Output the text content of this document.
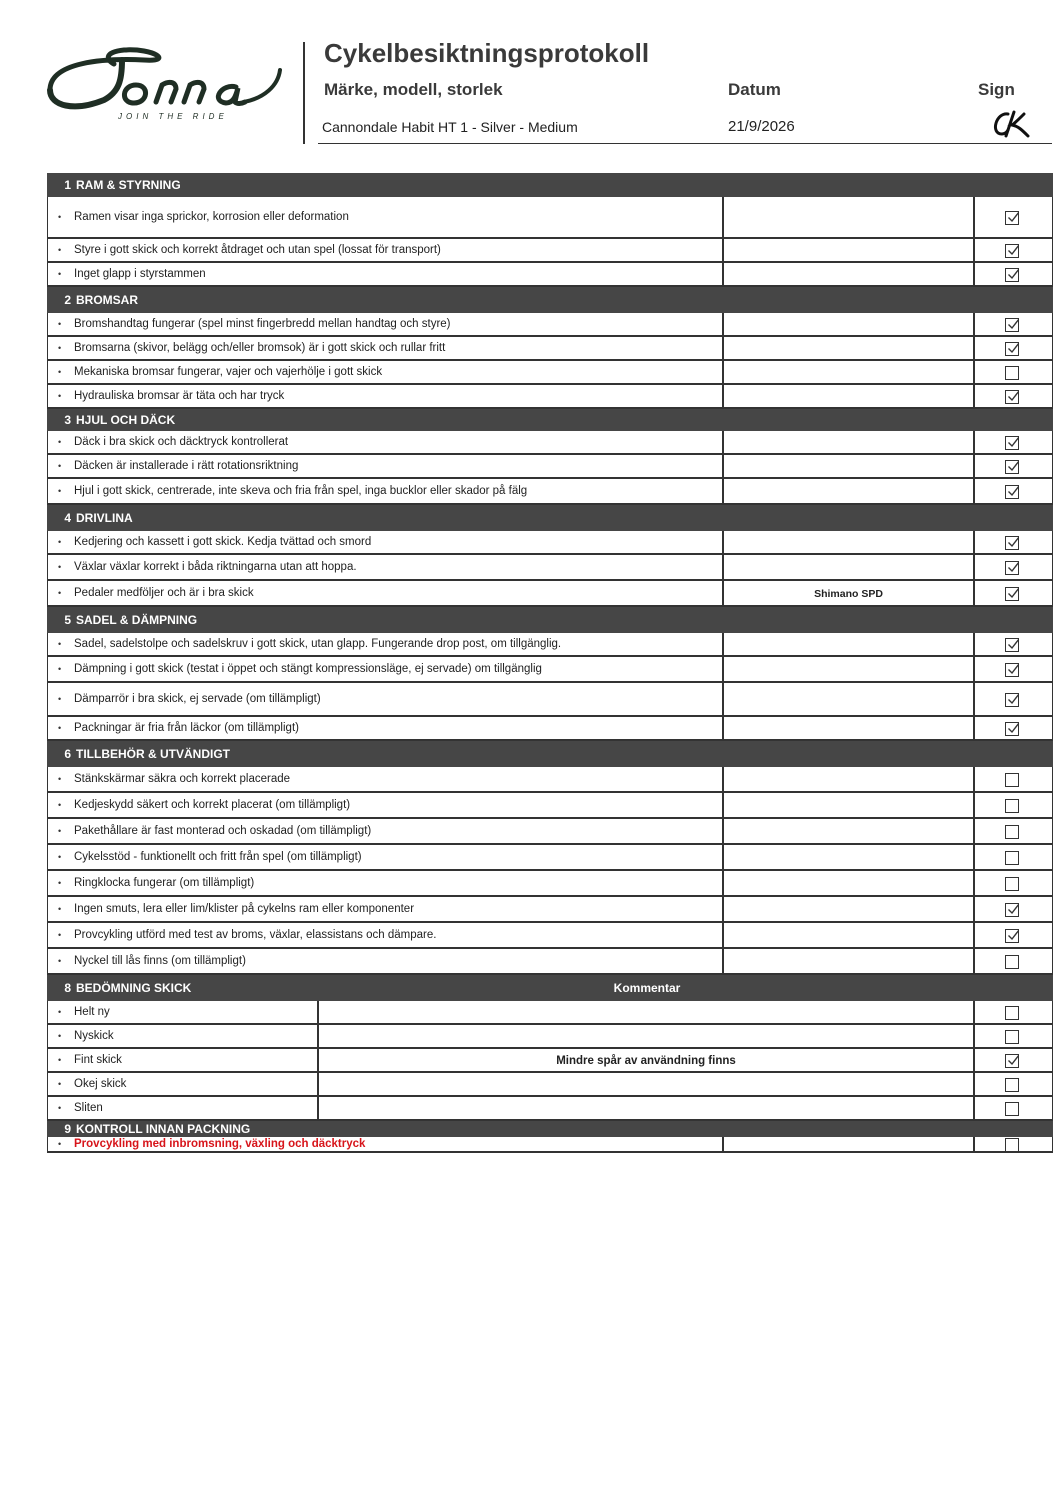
JOIN THE RIDE
Cykelbesiktningsprotokoll
Märke, modell, storlek	Datum	Sign
Cannondale Habit HT 1 - Silver - Medium	21/9/2026
1 RAM & STYRNING
• Ramen visar inga sprickor, korrosion eller deformation
• Styre i gott skick och korrekt åtdraget och utan spel (lossat för transport)
• Inget glapp i styrstammen
2 BROMSAR
• Bromshandtag fungerar (spel minst fingerbredd mellan handtag och styre)
• Bromsarna (skivor, belägg och/eller bromsok) är i gott skick och rullar fritt
• Mekaniska bromsar fungerar, vajer och vajerhölje i gott skick
• Hydrauliska bromsar är täta och har tryck
3 HJUL OCH DÄCK
• Däck i bra skick och däcktryck kontrollerat
• Däcken är installerade i rätt rotationsriktning
• Hjul i gott skick, centrerade, inte skeva och fria från spel, inga bucklor eller skador på fälg
4 DRIVLINA
• Kedjering och kassett i gott skick. Kedja tvättad och smord
• Växlar växlar korrekt i båda riktningarna utan att hoppa.
• Pedaler medföljer och är i bra skick	Shimano SPD
5 SADEL & DÄMPNING
• Sadel, sadelstolpe och sadelskruv i gott skick, utan glapp. Fungerande drop post, om tillgänglig.
• Dämpning i gott skick (testat i öppet och stängt kompressionsläge, ej servade) om tillgänglig
• Dämparrör i bra skick, ej servade (om tillämpligt)
• Packningar är fria från läckor (om tillämpligt)
6 TILLBEHÖR & UTVÄNDIGT
• Stänkskärmar säkra och korrekt placerade
• Kedjeskydd säkert och korrekt placerat (om tillämpligt)
• Pakethållare är fast monterad och oskadad (om tillämpligt)
• Cykelsstöd - funktionellt och fritt från spel (om tillämpligt)
• Ringklocka fungerar (om tillämpligt)
• Ingen smuts, lera eller lim/klister på cykelns ram eller komponenter
• Provcykling utförd med test av broms, växlar, elassistans och dämpare.
• Nyckel till lås finns (om tillämpligt)
8 BEDÖMNING SKICK	Kommentar
• Helt ny
• Nyskick
• Fint skick	Mindre spår av användning finns
• Okej skick
• Sliten
9 KONTROLL INNAN PACKNING
• Provcykling med inbromsning, växling och däcktryck
